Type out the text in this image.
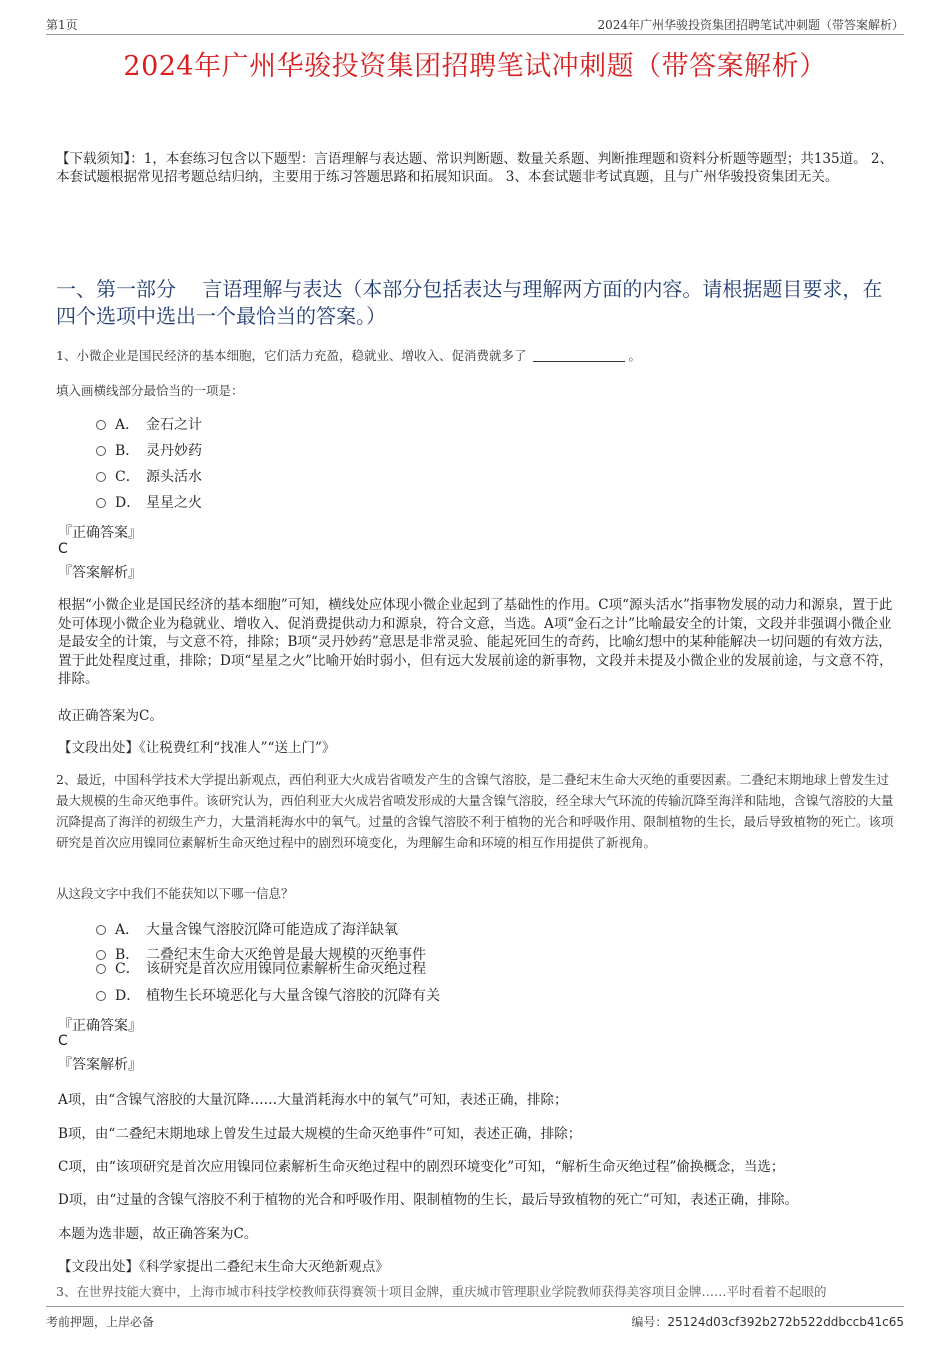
第1页	2024年广州华骏投资集团招聘笔试冲刺题（带答案解析）
2024年广州华骏投资集团招聘笔试冲刺题（带答案解析）
【下载须知】：1，本套练习包含以下题型：言语理解与表达题、常识判断题、数量关系题、判断推理题和资料分析题等题型；共135道。 2、本套试题根据常见招考题总结归纳，主要用于练习答题思路和拓展知识面。 3、本套试题非考试真题，且与广州华骏投资集团无关。
一、第一部分　 言语理解与表达（本部分包括表达与理解两方面的内容。请根据题目要求，在四个选项中选出一个最恰当的答案。）
1、小微企业是国民经济的基本细胞，它们活力充盈，稳就业、增收入、促消费就多了	。
填入画横线部分最恰当的一项是：
A． 金石之计
B． 灵丹妙药
C． 源头活水
D． 星星之火
『正确答案』
C
『答案解析』
根据“小微企业是国民经济的基本细胞”可知，横线处应体现小微企业起到了基础性的作用。C项“源头活水”指事物发展的动力和源泉，置于此处可体现小微企业为稳就业、增收入、促消费提供动力和源泉，符合文意，当选。A项“金石之计”比喻最安全的计策，文段并非强调小微企业是最安全的计策，与文意不符，排除；B项“灵丹妙药”意思是非常灵验、能起死回生的奇药，比喻幻想中的某种能解决一切问题的有效方法，置于此处程度过重，排除；D项“星星之火”比喻开始时弱小，但有远大发展前途的新事物，文段并未提及小微企业的发展前途，与文意不符，排除。
故正确答案为C。
【文段出处】《让税费红利“找准人”“送上门”》
2、最近，中国科学技术大学提出新观点，西伯利亚大火成岩省喷发产生的含镍气溶胶，是二叠纪末生命大灭绝的重要因素。二叠纪末期地球上曾发生过最大规模的生命灭绝事件。该研究认为，西伯利亚大火成岩省喷发形成的大量含镍气溶胶，经全球大气环流的传输沉降至海洋和陆地，含镍气溶胶的大量沉降提高了海洋的初级生产力，大量消耗海水中的氧气。过量的含镍气溶胶不利于植物的光合和呼吸作用、限制植物的生长，最后导致植物的死亡。该项研究是首次应用镍同位素解析生命灭绝过程中的剧烈环境变化，为理解生命和环境的相互作用提供了新视角。
从这段文字中我们不能获知以下哪一信息？
A． 大量含镍气溶胶沉降可能造成了海洋缺氧
B． 二叠纪末生命大灭绝曾是最大规模的灭绝事件
C． 该研究是首次应用镍同位素解析生命灭绝过程
D． 植物生长环境恶化与大量含镍气溶胶的沉降有关
『正确答案』
C
『答案解析』
A项，由“含镍气溶胶的大量沉降……大量消耗海水中的氧气”可知，表述正确，排除；
B项，由“二叠纪末期地球上曾发生过最大规模的生命灭绝事件”可知，表述正确，排除；
C项，由“该项研究是首次应用镍同位素解析生命灭绝过程中的剧烈环境变化”可知，“解析生命灭绝过程”偷换概念，当选；
D项，由“过量的含镍气溶胶不利于植物的光合和呼吸作用、限制植物的生长，最后导致植物的死亡”可知，表述正确，排除。
本题为选非题，故正确答案为C。
【文段出处】《科学家提出二叠纪末生命大灭绝新观点》
3、在世界技能大赛中，上海市城市科技学校教师获得赛领十项目金牌，重庆城市管理职业学院教师获得美容项目金牌……平时看着不起眼的
考前押题，上岸必备	编号：25124d03cf392b272b522ddbccb41c65
